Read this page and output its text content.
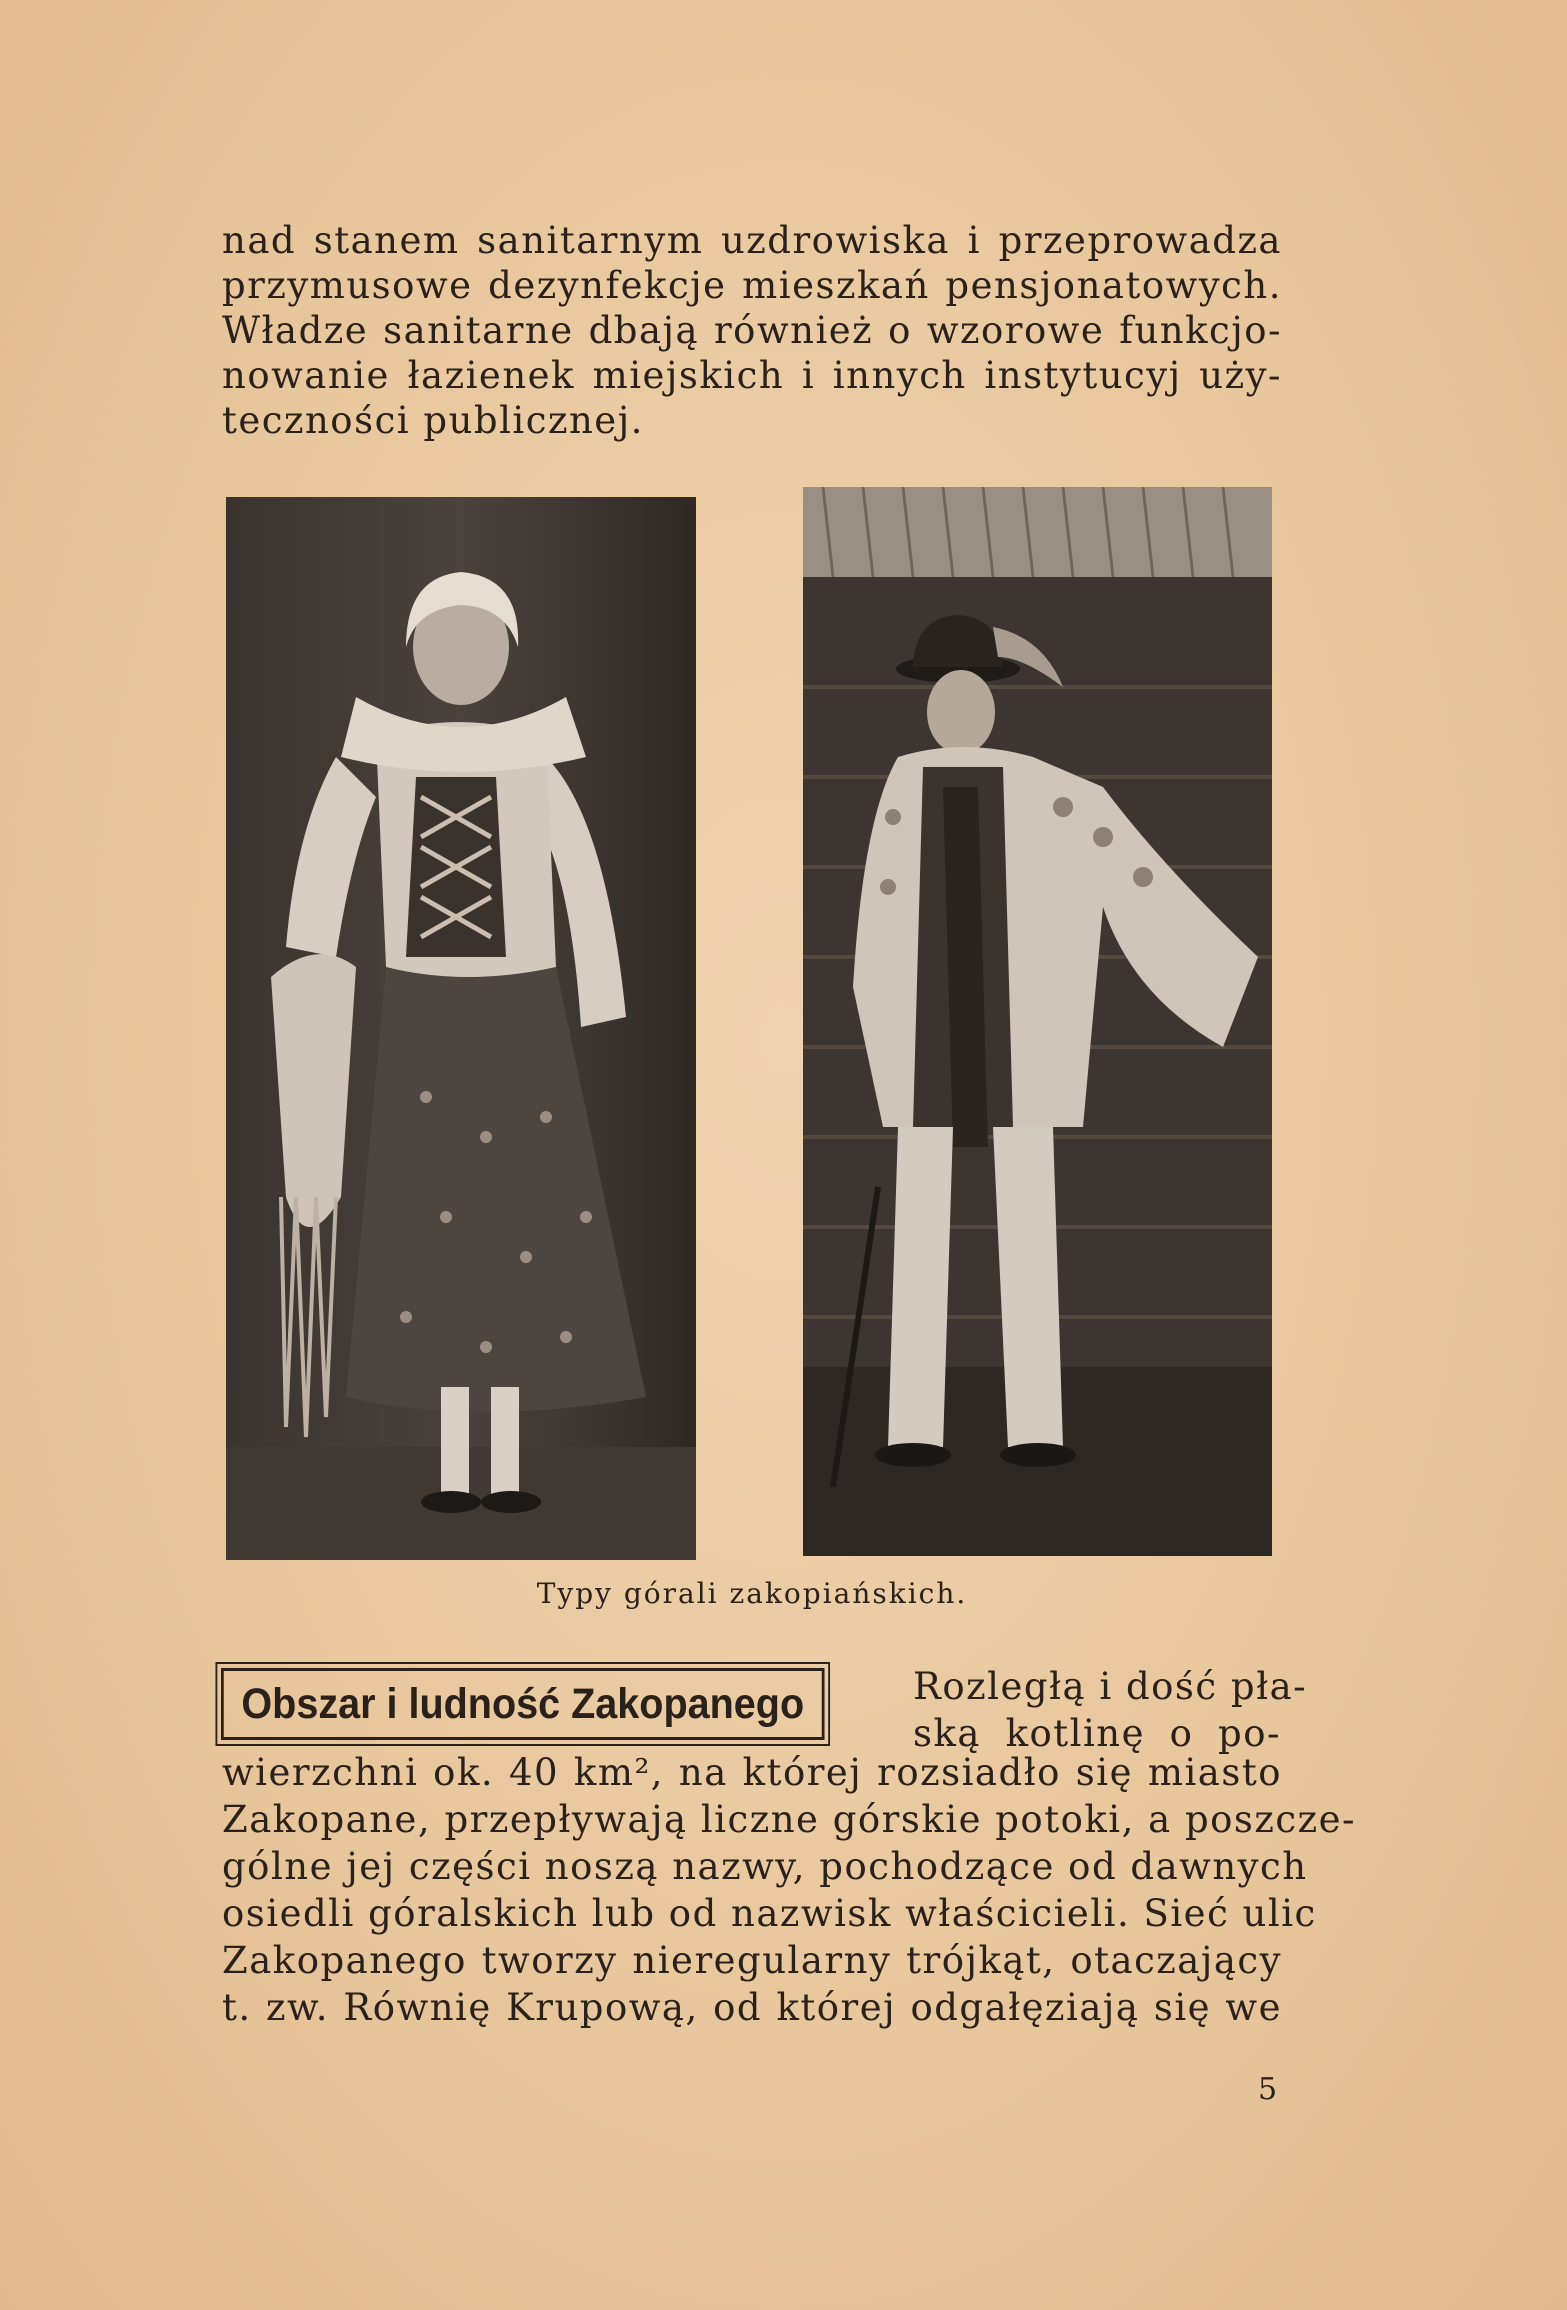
nad stanem sanitarnym uzdrowiska i przeprowadza
przymusowe dezynfekcje mieszkań pensjonatowych.
Władze sanitarne dbają również o wzorowe funkcjo-
nowanie łazienek miejskich i innych instytucyj uży-
teczności publicznej.
Typy górali zakopiańskich.
Obszar i ludność Zakopanego	Rozległą i dość pła-
ską kotlinę o po-
wierzchni ok. 40 km², na której rozsiadło się miasto
Zakopane, przepływają liczne górskie potoki, a poszcze-
gólne jej części noszą nazwy, pochodzące od dawnych
osiedli góralskich lub od nazwisk właścicieli. Sieć ulic
Zakopanego tworzy nieregularny trójkąt, otaczający
t. zw. Równię Krupową, od której odgałęziają się we
5
